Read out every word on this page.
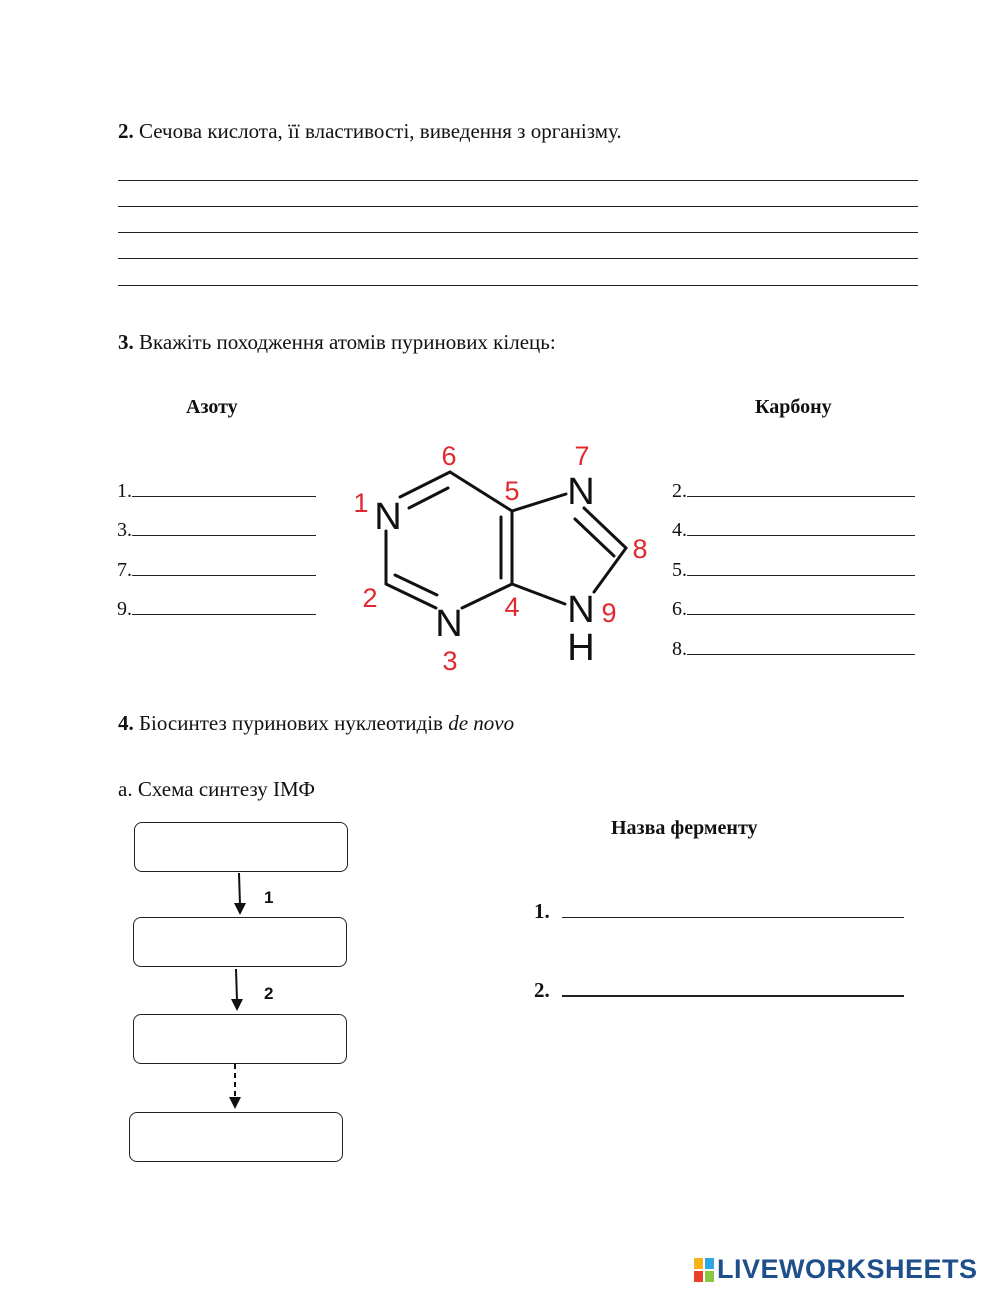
2. Сечова кислота, її властивості, виведення з організму.
3. Вкажіть походження атомів пуринових кілець:
Азоту	Карбону
1.
3.
7.
9.
2.
4.
5.
6.
8.
N
N
N
N
H
1
2
3
4
5
6	7
8
9
4. Біосинтез пуринових нуклеотидів de novo
а. Схема синтезу ІМФ
1
2
Назва ферменту
1.
2.
LIVEWORKSHEETS
